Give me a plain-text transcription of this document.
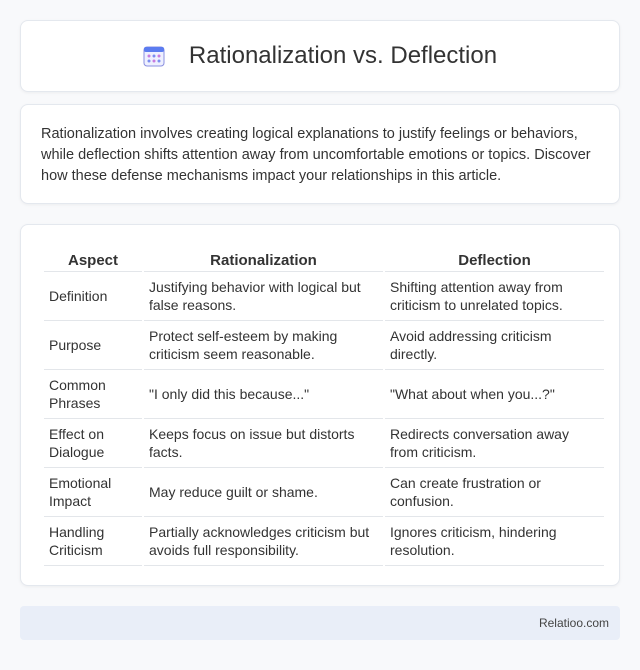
Rationalization vs. Deflection

Rationalization involves creating logical explanations to justify feelings or behaviors, while deflection shifts attention away from uncomfortable emotions or topics. Discover how these defense mechanisms impact your relationships in this article.

Aspect	Rationalization	Deflection
Definition	Justifying behavior with logical but false reasons.	Shifting attention away from criticism to unrelated topics.
Purpose	Protect self-esteem by making criticism seem reasonable.	Avoid addressing criticism directly.
Common Phrases	"I only did this because..."	"What about when you...?"
Effect on Dialogue	Keeps focus on issue but distorts facts.	Redirects conversation away from criticism.
Emotional Impact	May reduce guilt or shame.	Can create frustration or confusion.
Handling Criticism	Partially acknowledges criticism but avoids full responsibility.	Ignores criticism, hindering resolution.
Relatioo.com
